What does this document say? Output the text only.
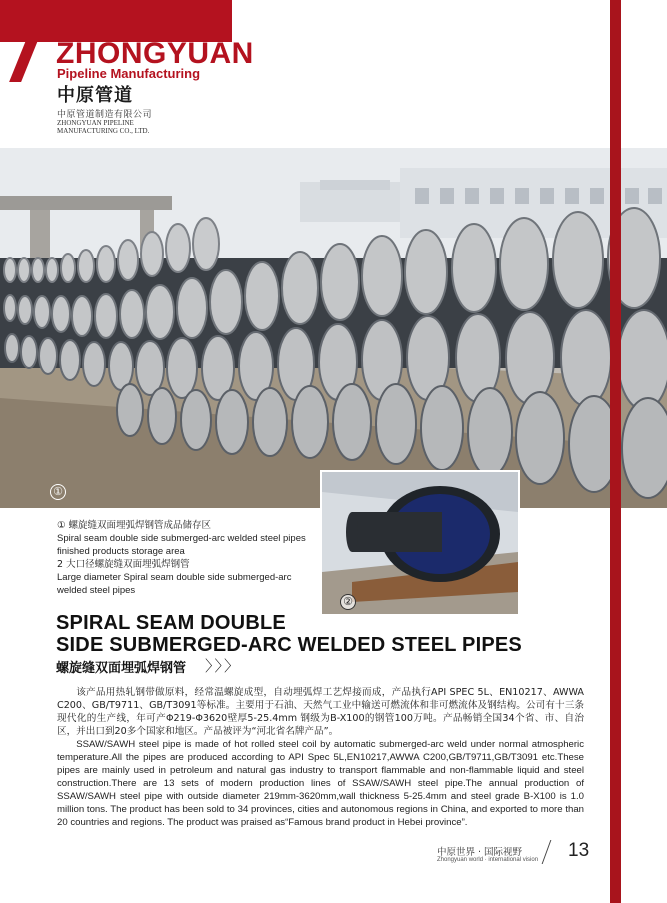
ZHONGYUAN
Pipeline Manufacturing
中原管道
中原管道制造有限公司
ZHONGYUAN PIPELINE MANUFACTURING CO., LTD.
①
②
① 螺旋缝双面埋弧焊钢管成品储存区
Spiral seam double side submerged-arc welded steel pipes finished products storage area
2 大口径螺旋缝双面埋弧焊钢管
Large diameter Spiral seam double side submerged-arc welded steel pipes
SPIRAL SEAM DOUBLE
SIDE SUBMERGED-ARC WELDED STEEL PIPES
螺旋缝双面埋弧焊钢管 〉〉〉

该产品用热轧钢带做原料，经常温螺旋成型，自动埋弧焊工艺焊接而成，产品执行API SPEC 5L、EN10217、AWWA C200、GB/T9711、GB/T3091等标准。主要用于石油、天然气工业中输送可燃流体和非可燃流体及钢结构。公司有十三条现代化的生产线，年可产Φ219-Φ3620壁厚5-25.4mm 钢级为B-X100的钢管100万吨。产品畅销全国34个省、市、自治区，并出口到20多个国家和地区。产品被评为“河北省名牌产品”。

SSAW/SAWH steel pipe is made of hot rolled steel coil by automatic submerged-arc weld under normal atmospheric temperature.All the pipes are produced according to API Spec 5L,EN10217,AWWA C200,GB/T9711,GB/T3091 etc.These pipes are mainly used in petroleum and natural gas industry to transport flammable and non-flammable liquid and steel construction.There are 13 sets of modern production lines of SSAW/SAWH steel pipe.The annual production of SSAW/SAWH steel pipe with outside diameter 219mm-3620mm,wall thickness 5-25.4mm and steel grade B-X100 is 1.0 million tons. The product has been sold to 34 provinces, cities and autonomous regions in China, and exported to more than 20 countries and regions. The product was praised as“Famous brand product in Hebei province”.

中原世界 · 国际视野
Zhongyuan world · international vision 13
